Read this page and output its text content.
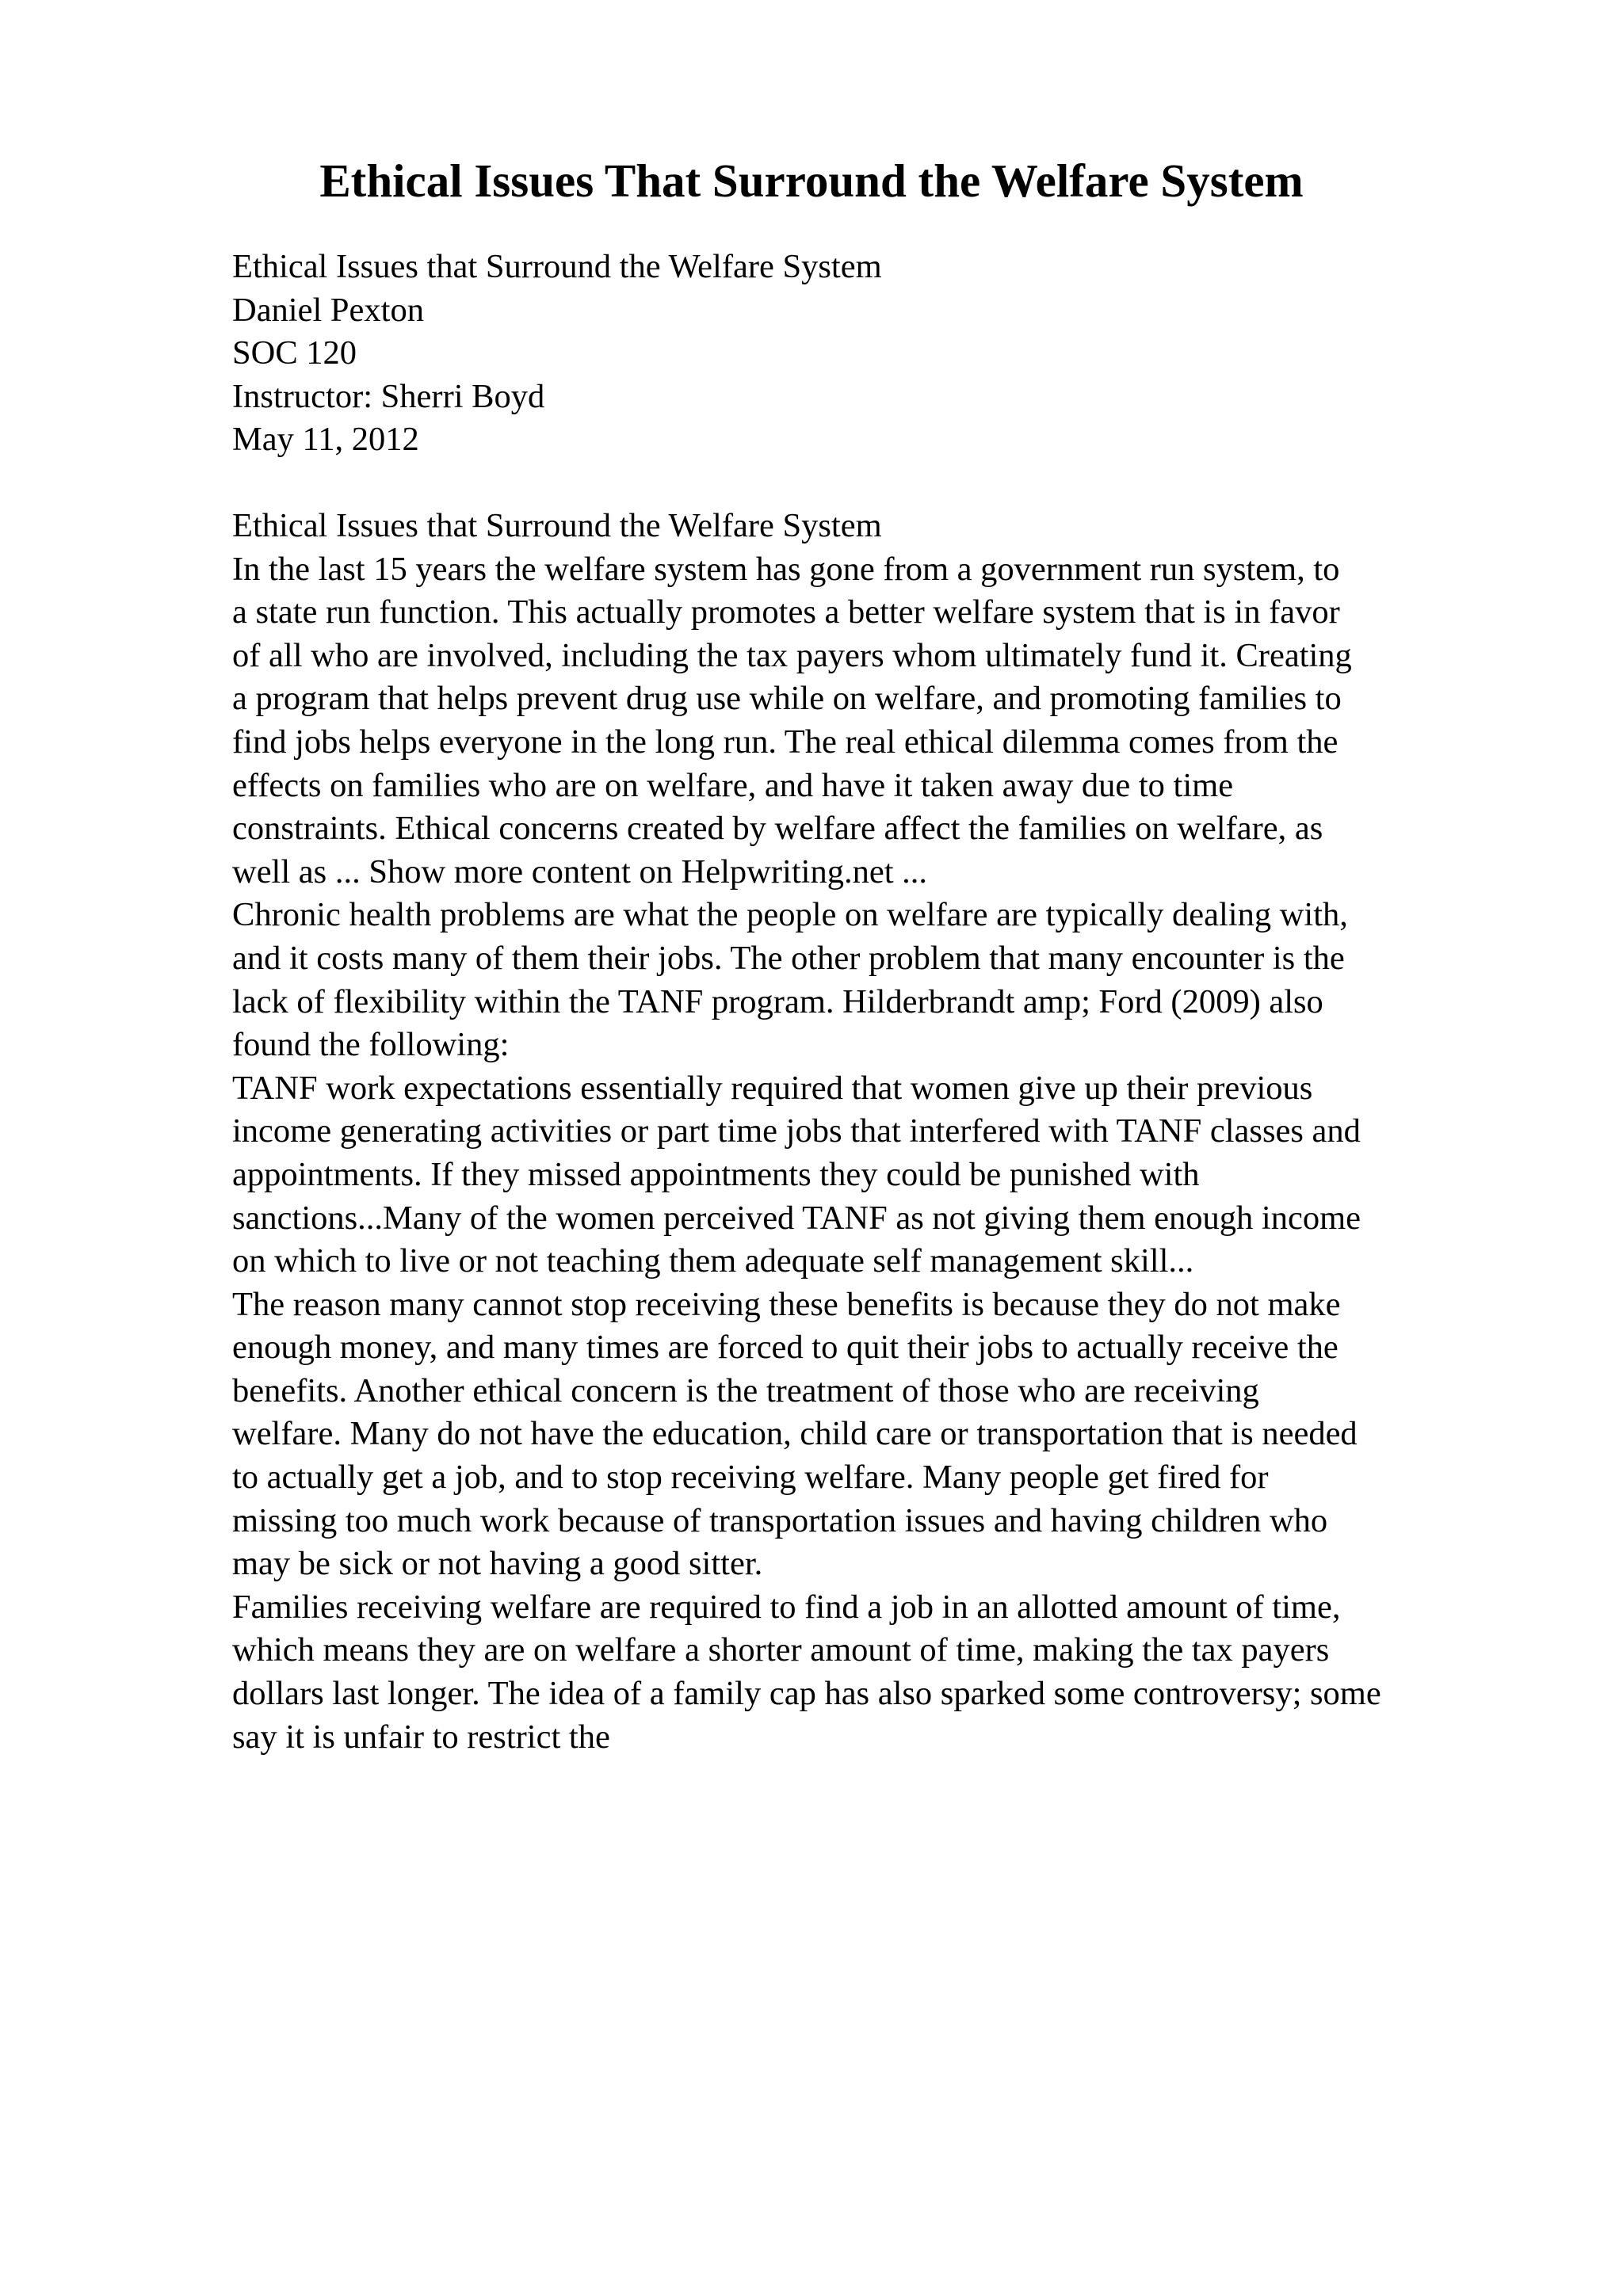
Ethical Issues That Surround the Welfare System
Ethical Issues that Surround the Welfare System
Daniel Pexton
SOC 120
Instructor: Sherri Boyd
May 11, 2012
Ethical Issues that Surround the Welfare System
In the last 15 years the welfare system has gone from a government run system, to
a state run function. This actually promotes a better welfare system that is in favor
of all who are involved, including the tax payers whom ultimately fund it. Creating
a program that helps prevent drug use while on welfare, and promoting families to
find jobs helps everyone in the long run. The real ethical dilemma comes from the
effects on families who are on welfare, and have it taken away due to time
constraints. Ethical concerns created by welfare affect the families on welfare, as
well as ... Show more content on Helpwriting.net ...
Chronic health problems are what the people on welfare are typically dealing with,
and it costs many of them their jobs. The other problem that many encounter is the
lack of flexibility within the TANF program. Hilderbrandt amp; Ford (2009) also
found the following:
TANF work expectations essentially required that women give up their previous
income generating activities or part time jobs that interfered with TANF classes and
appointments. If they missed appointments they could be punished with
sanctions...Many of the women perceived TANF as not giving them enough income
on which to live or not teaching them adequate self management skill...
The reason many cannot stop receiving these benefits is because they do not make
enough money, and many times are forced to quit their jobs to actually receive the
benefits. Another ethical concern is the treatment of those who are receiving
welfare. Many do not have the education, child care or transportation that is needed
to actually get a job, and to stop receiving welfare. Many people get fired for
missing too much work because of transportation issues and having children who
may be sick or not having a good sitter.
Families receiving welfare are required to find a job in an allotted amount of time,
which means they are on welfare a shorter amount of time, making the tax payers
dollars last longer. The idea of a family cap has also sparked some controversy; some
say it is unfair to restrict the
